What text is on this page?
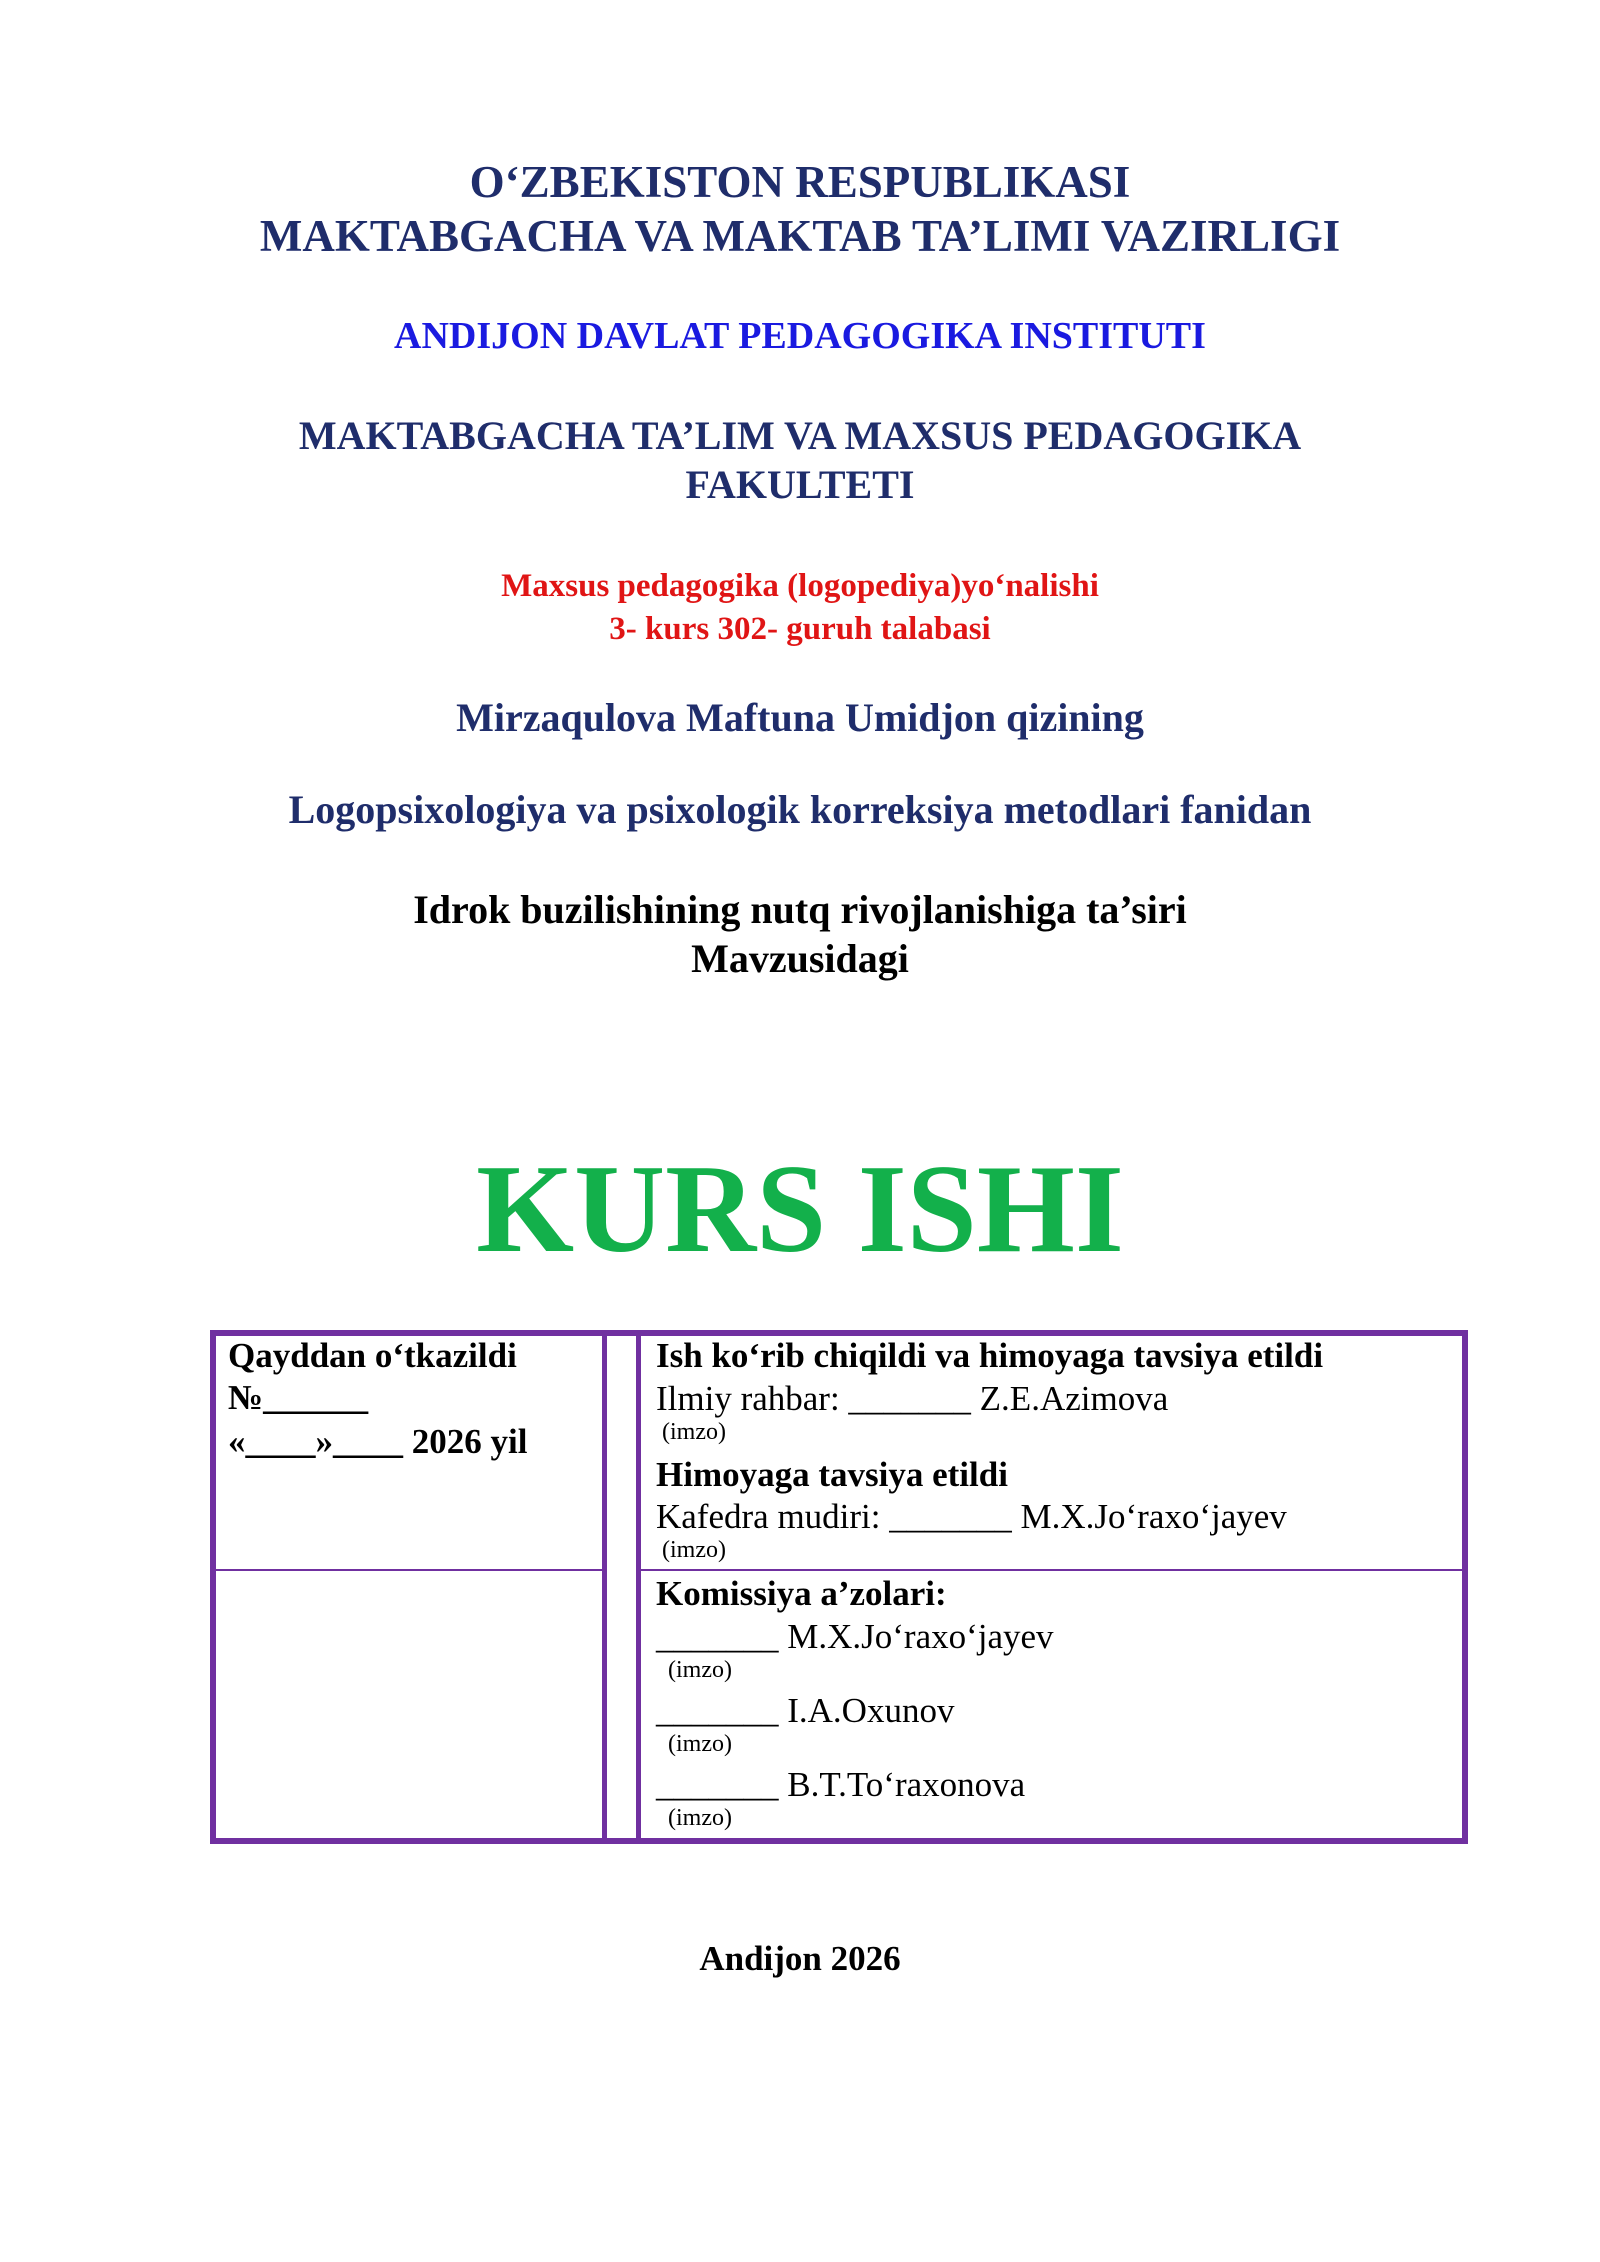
O‘ZBEKISTON RESPUBLIKASI
MAKTABGACHA VA MAKTAB TA’LIMI VAZIRLIGI
ANDIJON DAVLAT PEDAGOGIKA INSTITUTI
MAKTABGACHA TA’LIM VA MAXSUS PEDAGOGIKA
FAKULTETI
Maxsus pedagogika (logopediya)yo‘nalishi
3- kurs 302- guruh talabasi
Mirzaqulova Maftuna Umidjon qizining
Logopsixologiya va psixologik korreksiya metodlari fanidan
Idrok buzilishining nutq rivojlanishiga ta’siri
Mavzusidagi
KURS ISHI
Qayddan o‘tkazildi
№______
«____»____ 2026 yil
Ish ko‘rib chiqildi va himoyaga tavsiya etildi
Ilmiy rahbar: _______ Z.E.Azimova
(imzo)
Himoyaga tavsiya etildi
Kafedra mudiri: _______ M.X.Jo‘raxo‘jayev
(imzo)
Komissiya a’zolari:
_______ M.X.Jo‘raxo‘jayev
(imzo)
_______ I.A.Oxunov
(imzo)
_______ B.T.To‘raxonova
(imzo)
Andijon 2026
